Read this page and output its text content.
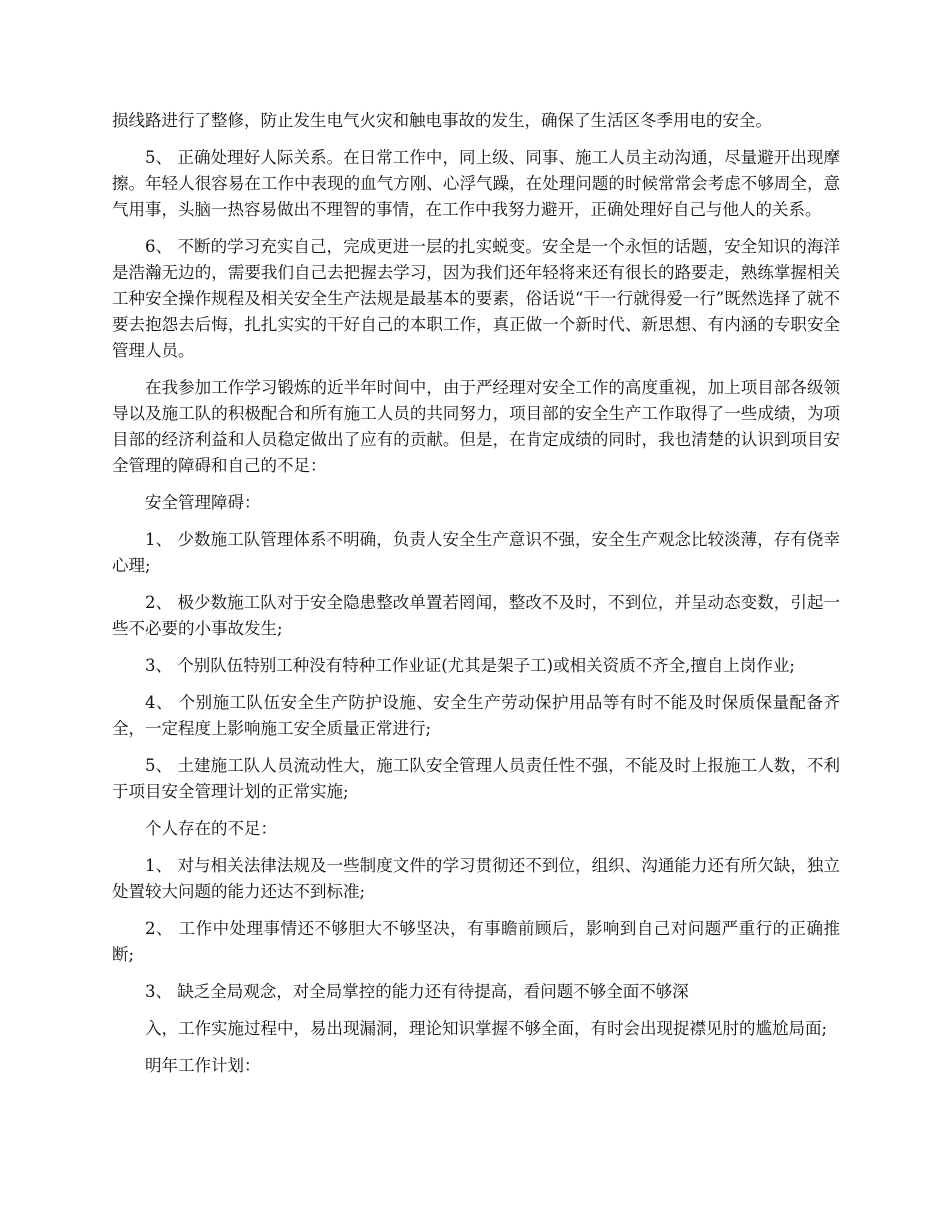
损线路进行了整修，防止发生电气火灾和触电事故的发生，确保了生活区冬季用电的安全。

5、 正确处理好人际关系。在日常工作中，同上级、同事、施工人员主动沟通，尽量避开出现摩擦。年轻人很容易在工作中表现的血气方刚、心浮气躁，在处理问题的时候常常会考虑不够周全，意气用事，头脑一热容易做出不理智的事情，在工作中我努力避开，正确处理好自己与他人的关系。

6、 不断的学习充实自己，完成更进一层的扎实蜕变。安全是一个永恒的话题，安全知识的海洋是浩瀚无边的，需要我们自己去把握去学习，因为我们还年轻将来还有很长的路要走，熟练掌握相关工种安全操作规程及相关安全生产法规是最基本的要素，俗话说“干一行就得爱一行”既然选择了就不要去抱怨去后悔，扎扎实实的干好自己的本职工作，真正做一个新时代、新思想、有内涵的专职安全管理人员。

在我参加工作学习锻炼的近半年时间中，由于严经理对安全工作的高度重视，加上项目部各级领导以及施工队的积极配合和所有施工人员的共同努力，项目部的安全生产工作取得了一些成绩，为项目部的经济利益和人员稳定做出了应有的贡献。但是，在肯定成绩的同时，我也清楚的认识到项目安全管理的障碍和自己的不足：

安全管理障碍：

1、 少数施工队管理体系不明确，负责人安全生产意识不强，安全生产观念比较淡薄，存有侥幸心理;

2、 极少数施工队对于安全隐患整改单置若罔闻，整改不及时，不到位，并呈动态变数，引起一些不必要的小事故发生;

3、 个别队伍特别工种没有特种工作业证(尤其是架子工)或相关资质不齐全,擅自上岗作业;

4、 个别施工队伍安全生产防护设施、安全生产劳动保护用品等有时不能及时保质保量配备齐全，一定程度上影响施工安全质量正常进行;

5、 土建施工队人员流动性大，施工队安全管理人员责任性不强，不能及时上报施工人数，不利于项目安全管理计划的正常实施;

个人存在的不足：

1、 对与相关法律法规及一些制度文件的学习贯彻还不到位，组织、沟通能力还有所欠缺，独立处置较大问题的能力还达不到标准;

2、 工作中处理事情还不够胆大不够坚决，有事瞻前顾后，影响到自己对问题严重行的正确推断;

3、 缺乏全局观念，对全局掌控的能力还有待提高，看问题不够全面不够深

入，工作实施过程中，易出现漏洞，理论知识掌握不够全面，有时会出现捉襟见肘的尴尬局面;

明年工作计划：
